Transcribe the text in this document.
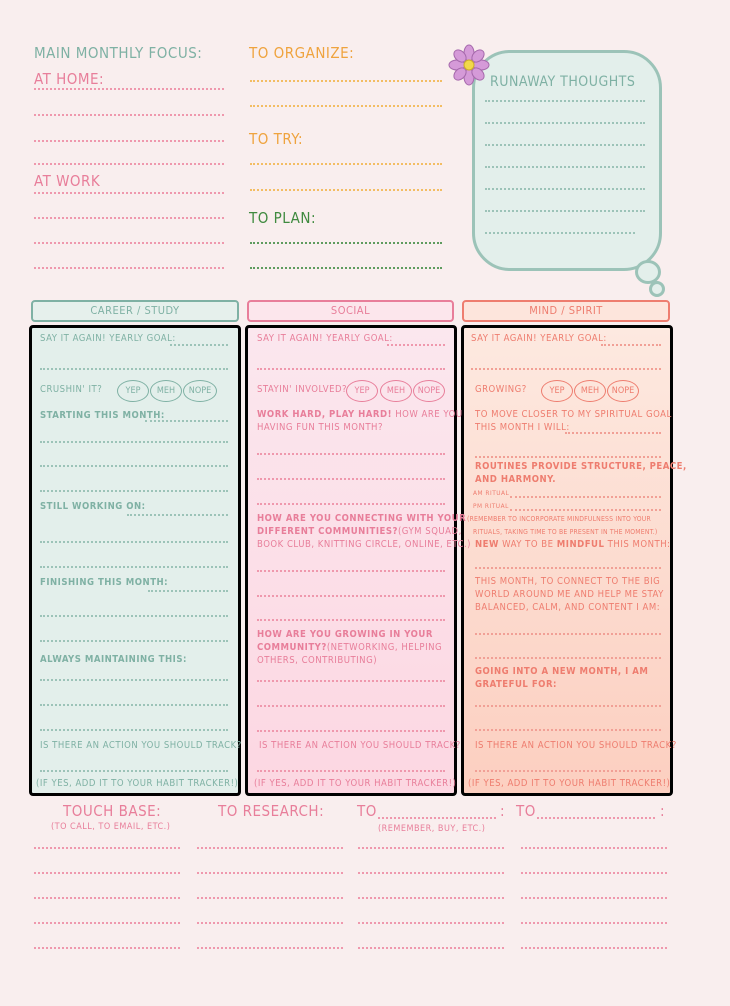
MAIN MONTHLY FOCUS:
AT HOME:
AT WORK
TO ORGANIZE:
TO TRY:
TO PLAN:
RUNAWAY THOUGHTS
CAREER / STUDY	SOCIAL	MIND / SPIRIT
SAY IT AGAIN! YEARLY GOAL:
CRUSHIN' IT?	YEP	MEH	NOPE
STARTING THIS MONTH:
STILL WORKING ON:
FINISHING THIS MONTH:
ALWAYS MAINTAINING THIS:
IS THERE AN ACTION YOU SHOULD TRACK?
(IF YES, ADD IT TO YOUR HABIT TRACKER!)
SAY IT AGAIN! YEARLY GOAL:
STAYIN' INVOLVED? YEP	MEH	NOPE
WORK HARD, PLAY HARD! HOW ARE YOU
HAVING FUN THIS MONTH?
HOW ARE YOU CONNECTING WITH YOUR
DIFFERENT COMMUNITIES?(GYM SQUAD,
BOOK CLUB, KNITTING CIRCLE, ONLINE, ETC.)
HOW ARE YOU GROWING IN YOUR
COMMUNITY?(NETWORKING, HELPING
OTHERS, CONTRIBUTING)
IS THERE AN ACTION YOU SHOULD TRACK?
(IF YES, ADD IT TO YOUR HABIT TRACKER!)
SAY IT AGAIN! YEARLY GOAL:
GROWING?	YEP	MEH	NOPE
TO MOVE CLOSER TO MY SPIRITUAL GOAL
THIS MONTH I WILL:
ROUTINES PROVIDE STRUCTURE, PEACE,
AND HARMONY.
AM RITUAL
PM RITUAL
(REMEMBER TO INCORPORATE MINDFULNESS INTO YOUR
RITUALS, TAKING TIME TO BE PRESENT IN THE MOMENT.)
NEW WAY TO BE MINDFUL THIS MONTH:
THIS MONTH, TO CONNECT TO THE BIG
WORLD AROUND ME AND HELP ME STAY
BALANCED, CALM, AND CONTENT I AM:
GOING INTO A NEW MONTH, I AM
GRATEFUL FOR:
IS THERE AN ACTION YOU SHOULD TRACK?
(IF YES, ADD IT TO YOUR HABIT TRACKER!)
TOUCH BASE:
(TO CALL, TO EMAIL, ETC.)
TO RESEARCH: TO	: TO	:
(REMEMBER, BUY, ETC.)
